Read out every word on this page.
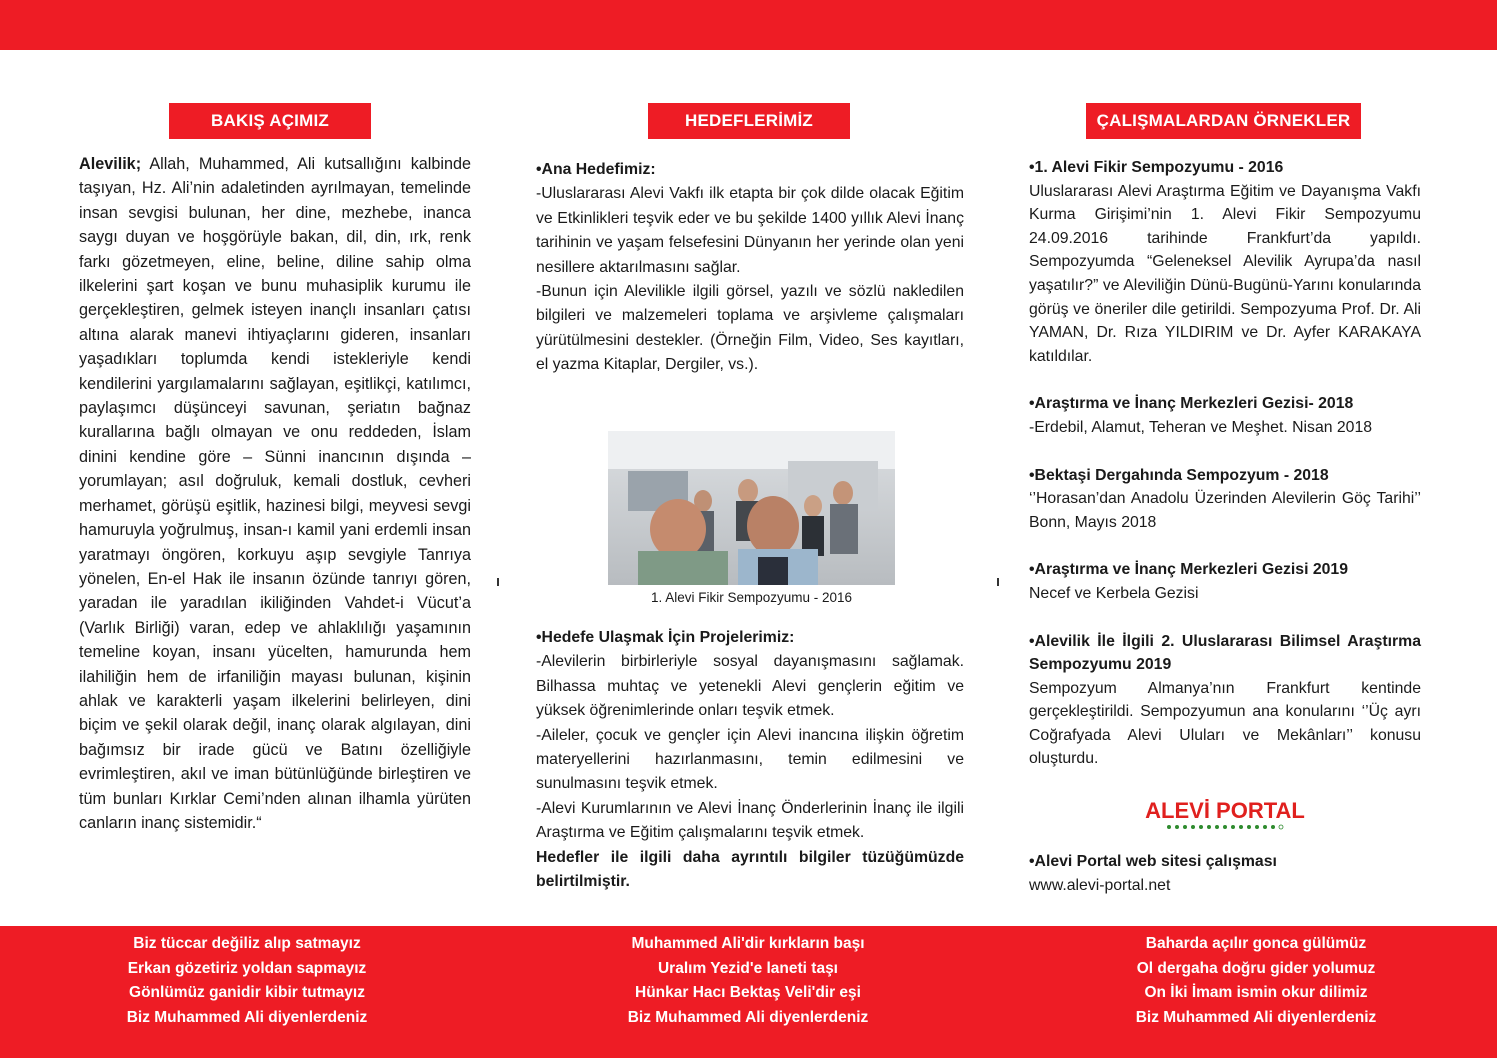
BAKIŞ AÇIMIZ	HEDEFLERİMİZ	ÇALIŞMALARDAN ÖRNEKLER

Alevilik; Allah, Muhammed, Ali kutsallığını kalbinde taşıyan, Hz. Ali’nin adaletinden ayrılmayan, temelinde insan sevgisi bulunan, her dine, mezhebe, inanca saygı duyan ve hoşgörüyle bakan, dil, din, ırk, renk farkı gözetmeyen, eline, beline, diline sahip olma ilkelerini şart koşan ve bunu muhasiplik kurumu ile gerçekleştiren, gelmek isteyen inançlı insanları çatısı altına alarak manevi ihtiyaçlarını gideren, insanları yaşadıkları toplumda kendi istekleriyle kendi kendilerini yargılamalarını sağlayan, eşitlikçi, katılımcı, paylaşımcı düşünceyi savunan, şeriatın bağnaz kurallarına bağlı olmayan ve onu reddeden, İslam dinini kendine göre – Sünni inancının dışında – yorumlayan; asıl doğruluk, kemali dostluk, cevheri merhamet, görüşü eşitlik, hazinesi bilgi, meyvesi sevgi hamuruyla yoğrulmuş, insan-ı kamil yani erdemli insan yaratmayı öngören, korkuyu aşıp sevgiyle Tanrıya yönelen, En-el Hak ile insanın özünde tanrıyı gören, yaradan ile yaradılan ikiliğinden Vahdet-i Vücut’a (Varlık Birliği) varan, edep ve ahlaklılığı yaşamının temeline koyan, insanı yücelten, hamurunda hem ilahiliğin hem de irfaniliğin mayası bulunan, kişinin ahlak ve karakterli yaşam ilkelerini belirleyen, dini biçim ve şekil olarak değil, inanç olarak algılayan, dini bağımsız bir irade gücü ve Batını özelliğiyle evrimleştiren, akıl ve iman bütünlüğünde birleştiren ve tüm bunları Kırklar Cemi’nden alınan ilhamla yürüten canların inanç sistemidir.“

•Ana Hedefimiz:

-Uluslararası Alevi Vakfı ilk etapta bir çok dilde olacak Eğitim ve Etkinlikleri teşvik eder ve bu şekilde 1400 yıllık Alevi İnanç tarihinin ve yaşam felsefesini Dünyanın her yerinde olan yeni nesillere aktarılmasını sağlar.

-Bunun için Alevilikle ilgili görsel, yazılı ve sözlü nakledilen bilgileri ve malzemeleri toplama ve arşivleme çalışmaları yürütülmesini destekler. (Örneğin Film, Video, Ses kayıtları, el yazma Kitaplar, Dergiler, vs.).

1. Alevi Fikir Sempozyumu - 2016

•Hedefe Ulaşmak İçin Projelerimiz:

-Alevilerin birbirleriyle sosyal dayanışmasını sağlamak. Bilhassa muhtaç ve yetenekli Alevi gençlerin eğitim ve yüksek öğrenimlerinde onları teşvik etmek.

-Aileler, çocuk ve gençler için Alevi inancına ilişkin öğretim materyellerini hazırlanmasını, temin edilmesini ve sunulmasını teşvik etmek.

-Alevi Kurumlarının ve Alevi İnanç Önderlerinin İnanç ile ilgili Araştırma ve Eğitim çalışmalarını teşvik etmek.

Hedefler ile ilgili daha ayrıntılı bilgiler tüzüğümüzde belirtilmiştir.

•1. Alevi Fikir Sempozyumu - 2016

Uluslararası Alevi Araştırma Eğitim ve Dayanışma Vakfı Kurma Girişimi’nin 1. Alevi Fikir Sempozyumu 24.09.2016 tarihinde Frankfurt’da yapıldı. Sempozyumda “Geleneksel Alevilik Ayrupa’da nasıl yaşatılır?” ve Aleviliğin Dünü-Bugünü-Yarını konularında görüş ve öneriler dile getirildi. Sempozyuma Prof. Dr. Ali YAMAN, Dr. Rıza YILDIRIM ve Dr. Ayfer KARAKAYA katıldılar.

•Araştırma ve İnanç Merkezleri Gezisi- 2018

-Erdebil, Alamut, Teheran ve Meşhet. Nisan 2018

•Bektaşi Dergahında Sempozyum - 2018

‘’Horasan’dan Anadolu Üzerinden Alevilerin Göç Tarihi’’ Bonn, Mayıs 2018

•Araştırma ve İnanç Merkezleri Gezisi 2019

Necef ve Kerbela Gezisi

•Alevilik İle İlgili 2. Uluslararası Bilimsel Araştırma Sempozyumu 2019

Sempozyum Almanya’nın Frankfurt kentinde gerçekleştirildi. Sempozyumun ana konularını ‘’Üç ayrı Coğrafyada Alevi Uluları ve Mekânları’’ konusu oluşturdu.

ALEVİ PORTAL

•Alevi Portal web sitesi çalışması

www.alevi-portal.net

Biz tüccar değiliz alıp satmayız
Erkan gözetiriz yoldan sapmayız
Gönlümüz ganidir kibir tutmayız
Biz Muhammed Ali diyenlerdeniz
Muhammed Ali'dir kırkların başı
Uralım Yezid'e laneti taşı
Hünkar Hacı Bektaş Veli'dir eşi
Biz Muhammed Ali diyenlerdeniz
Baharda açılır gonca gülümüz
Ol dergaha doğru gider yolumuz
On İki İmam ismin okur dilimiz
Biz Muhammed Ali diyenlerdeniz
